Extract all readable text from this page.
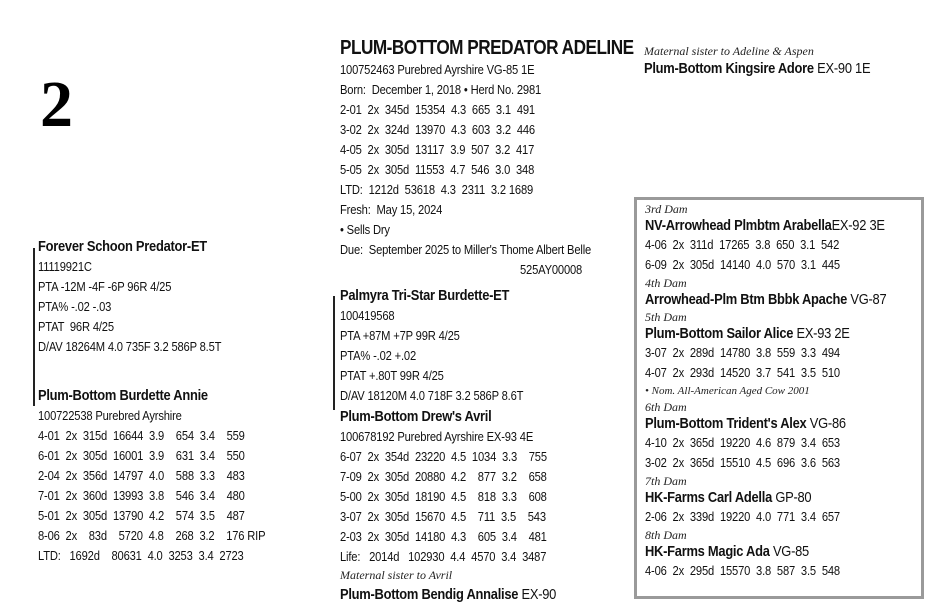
2
PLUM-BOTTOM PREDATOR ADELINE
100752463 Purebred Ayrshire VG-85 1E
Born:  December 1, 2018 • Herd No. 2981
2-01  2x  345d  15354  4.3  665  3.1  491
3-02  2x  324d  13970  4.3  603  3.2  446
4-05  2x  305d  13117  3.9  507  3.2  417
5-05  2x  305d  11553  4.7  546  3.0  348
LTD:  1212d  53618  4.3  2311  3.2 1689
Fresh:  May 15, 2024
• Sells Dry
Due:  September 2025 to Miller's Thome Albert Belle
525AY00008
Maternal sister to Adeline & Aspen
Plum-Bottom Kingsire Adore EX-90 1E
Forever Schoon Predator-ET
11119921C
PTA -12M -4F -6P 96R 4/25
PTA% -.02 -.03
PTAT  96R 4/25
D/AV 18264M 4.0 735F 3.2 586P 8.5T
Plum-Bottom Burdette Annie
100722538 Purebred Ayrshire
4-01  2x  315d  16644  3.9    654  3.4    559
6-01  2x  305d  16001  3.9    631  3.4    550
2-04  2x  356d  14797  4.0    588  3.3    483
7-01  2x  360d  13993  3.8    546  3.4    480
5-01  2x  305d  13790  4.2    574  3.5    487
8-06  2x    83d    5720  4.8    268  3.2    176 RIP
LTD:   1692d    80631  4.0  3253  3.4  2723
Palmyra Tri-Star Burdette-ET
100419568
PTA +87M +7P 99R 4/25
PTA% -.02 +.02
PTAT +.80T 99R 4/25
D/AV 18120M 4.0 718F 3.2 586P 8.6T
Plum-Bottom Drew's Avril
100678192 Purebred Ayrshire EX-93 4E
6-07  2x  354d  23220  4.5  1034  3.3    755
7-09  2x  305d  20880  4.2    877  3.2    658
5-00  2x  305d  18190  4.5    818  3.3    608
3-07  2x  305d  15670  4.5    711  3.5    543
2-03  2x  305d  14180  4.3    605  3.4    481
Life:   2014d   102930  4.4  4570  3.4  3487
Maternal sister to Avril
Plum-Bottom Bendig Annalise EX-90
3rd Dam
NV-Arrowhead Plmbtm ArabellaEX-92 3E
4-06  2x  311d  17265  3.8  650  3.1  542
6-09  2x  305d  14140  4.0  570  3.1  445
4th Dam
Arrowhead-Plm Btm Bbbk Apache VG-87
5th Dam
Plum-Bottom Sailor Alice EX-93 2E
3-07  2x  289d  14780  3.8  559  3.3  494
4-07  2x  293d  14520  3.7  541  3.5  510
• Nom. All-American Aged Cow 2001
6th Dam
Plum-Bottom Trident's Alex VG-86
4-10  2x  365d  19220  4.6  879  3.4  653
3-02  2x  365d  15510  4.5  696  3.6  563
7th Dam
HK-Farms Carl Adella GP-80
2-06  2x  339d  19220  4.0  771  3.4  657
8th Dam
HK-Farms Magic Ada VG-85
4-06  2x  295d  15570  3.8  587  3.5  548
